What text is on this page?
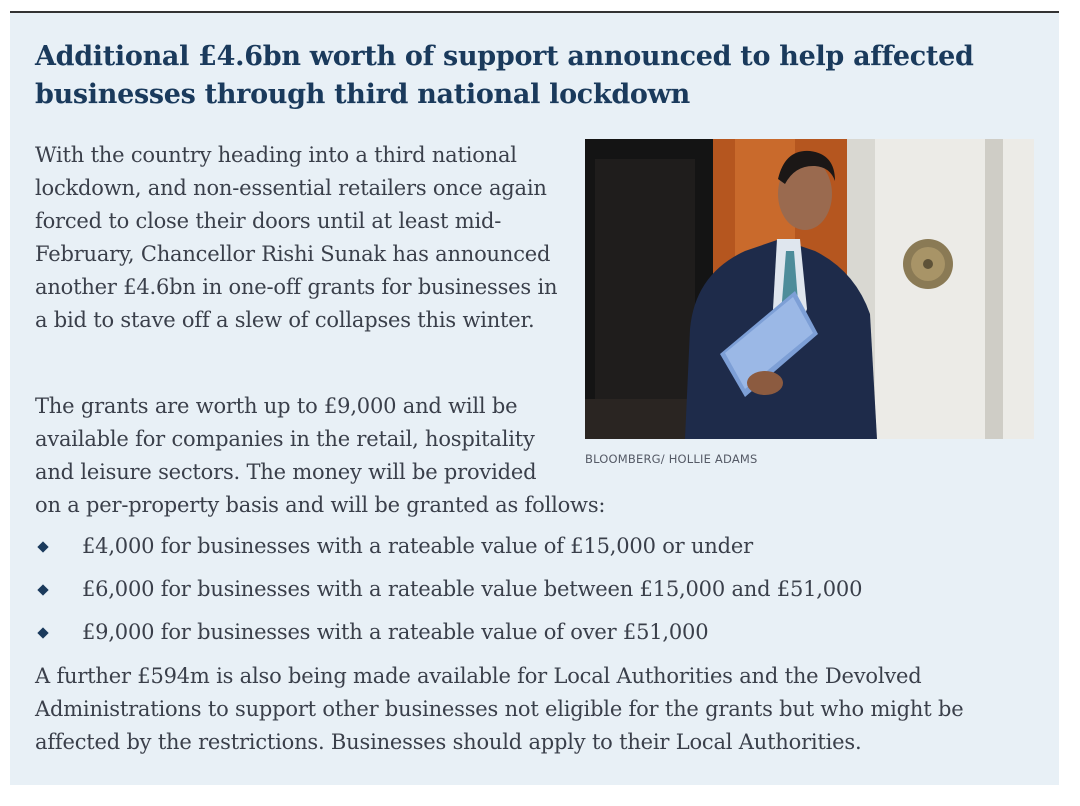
Additional £4.6bn worth of support announced to help affected businesses through third national lockdown

With the country heading into a third national lockdown, and non-essential retailers once again forced to close their doors until at least mid-February, Chancellor Rishi Sunak has announced another £4.6bn in one-off grants for businesses in a bid to stave off a slew of collapses this winter.

BLOOMBERG/ HOLLIE ADAMS

The grants are worth up to £9,000 and will be

available for companies in the retail, hospitality

and leisure sectors. The money will be provided

on a per-property basis and will be granted as follows:

£4,000 for businesses with a rateable value of £15,000 or under
£6,000 for businesses with a rateable value between £15,000 and £51,000
£9,000 for businesses with a rateable value of over £51,000

A further £594m is also being made available for Local Authorities and the Devolved Administrations to support other businesses not eligible for the grants but who might be affected by the restrictions. Businesses should apply to their Local Authorities.
